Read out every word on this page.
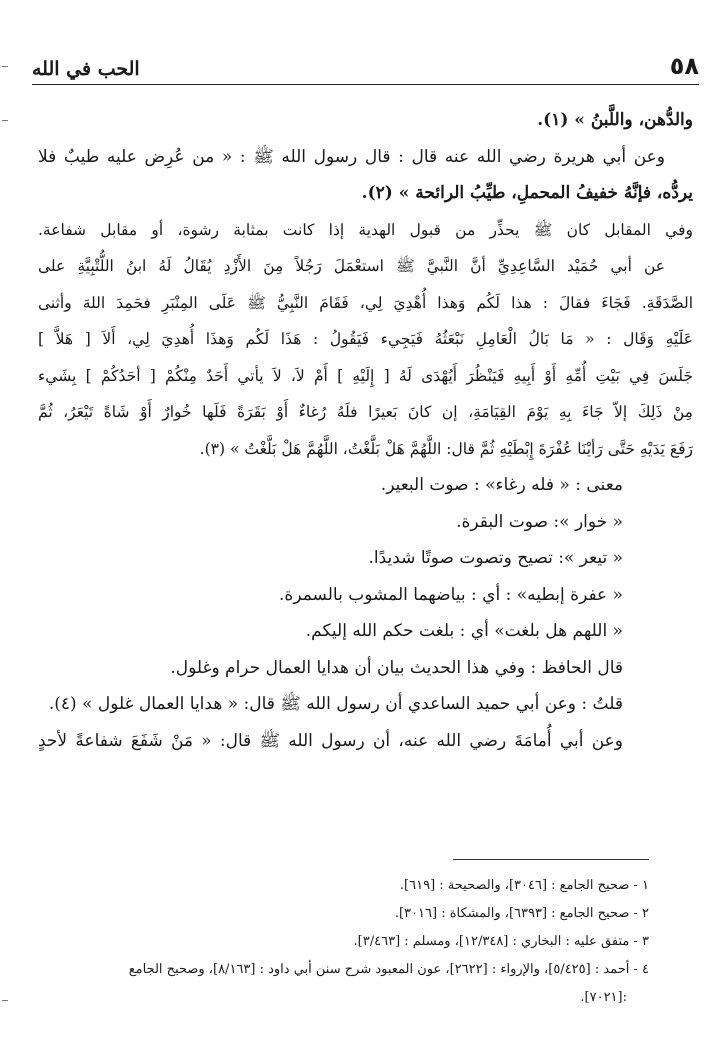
٥٨
الحب في الله
والدُّهن، واللَّبنُ » (١).
وعن أبي هريرة رضي الله عنه قال : قال رسول الله ﷺ : « من عُرِض عليه طيبٌ فلا
يردُّه، فإنَّهُ خفيفُ المحملِ، طيِّبُ الرائحة » (٢).
وفي المقابل كان ﷺ يحذِّر من قبول الهدية إذا كانت بمثابة رشوة، أو مقابل شفاعة.
عن أبي حُمَيْد السَّاعِدِيِّ أنَّ النَّبيَّ ﷺ استعْمَلَ رَجُلاً مِنَ الأَزْدِ يُقَالُ لَهُ ابنُ اللُّتْبِيَّةِ على
الصَّدَقَةِ. فَجَاءَ فقالَ : هذا لَكُم وَهذا أُهْدِيَ لِي، فَقَامَ النَّبِيُّ ﷺ عَلَى المِنْبَرِ فحَمِدَ اللهَ وأثنى
عَلَيْهِ وَقَال : « مَا بَالُ الْعَامِلِ نَبْعَثُهُ فَيَجِيء فَيَقُولُ : هَذَا لَكُم وَهذَا أُهدِيَ لِي، أَلاَ [ هَلاَّ ]
جَلَسَ فِي بَيْتِ أُمِّهِ أَوْ أَبِيهِ فَيَنْظُرَ أَيُهْدَى لَهُ [ إِلَيْهِ ] أَمْ لاَ، لاَ يأتي أَحَدٌ مِنْكُمْ [ أحَدُكُمْ ] بِشَيء
مِنْ ذَلِكَ إلاّ جَاءَ بِهِ يَوْمَ القِيَامَةِ، إن كانَ بَعيرًا فلَهُ رُغاءٌ أَوْ بَقَرَةً فَلَها خُوارٌ أَوْ شَاةً تَيْعَرُ، ثُمَّ
رَفَعَ يَدَيْهِ حَتَّى رَأيْنَا عُفْرَةَ إِبْطَيْهِ ثُمَّ قال: اللَّهُمَّ هَلْ بَلَّغْتُ، اللَّهُمَّ هَلْ بَلَّغْتُ » (٣).
معنى : « فله رغاء» : صوت البعير.
« خوار »: صوت البقرة.
« تيعر »: تصيح وتصوت صوتًا شديدًا.
« عفرة إبطيه» : أي : بياضهما المشوب بالسمرة.
« اللهم هل بلغت» أي : بلغت حكم الله إليكم.
قال الحافظ : وفي هذا الحديث بيان أن هدايا العمال حرام وغلول.
قلتُ : وعن أبي حميد الساعدي أن رسول الله ﷺ قال: « هدايا العمال غلول » (٤).
وعن أبي أُمامَةَ رضي الله عنه، أن رسول الله ﷺ قال: « مَنْ شَفَعَ شفاعةً لأحدٍ
١ - صحيح الجامع : [٣٠٤٦]، والصحيحة : [٦١٩].
٢ - صحيح الجامع : [٦٣٩٣]، والمشكاة : [٣٠١٦].
٣ - متفق عليه : البخاري : [١٢/٣٤٨]، ومسلم : [٣/٤٦٣].
٤ - أحمد : [٥/٤٢٥]، والإرواء : [٢٦٢٢]، عون المعبود شرح سنن أبي داود : [٨/١٦٣]، وصحيح الجامع
:[٧٠٢١].
